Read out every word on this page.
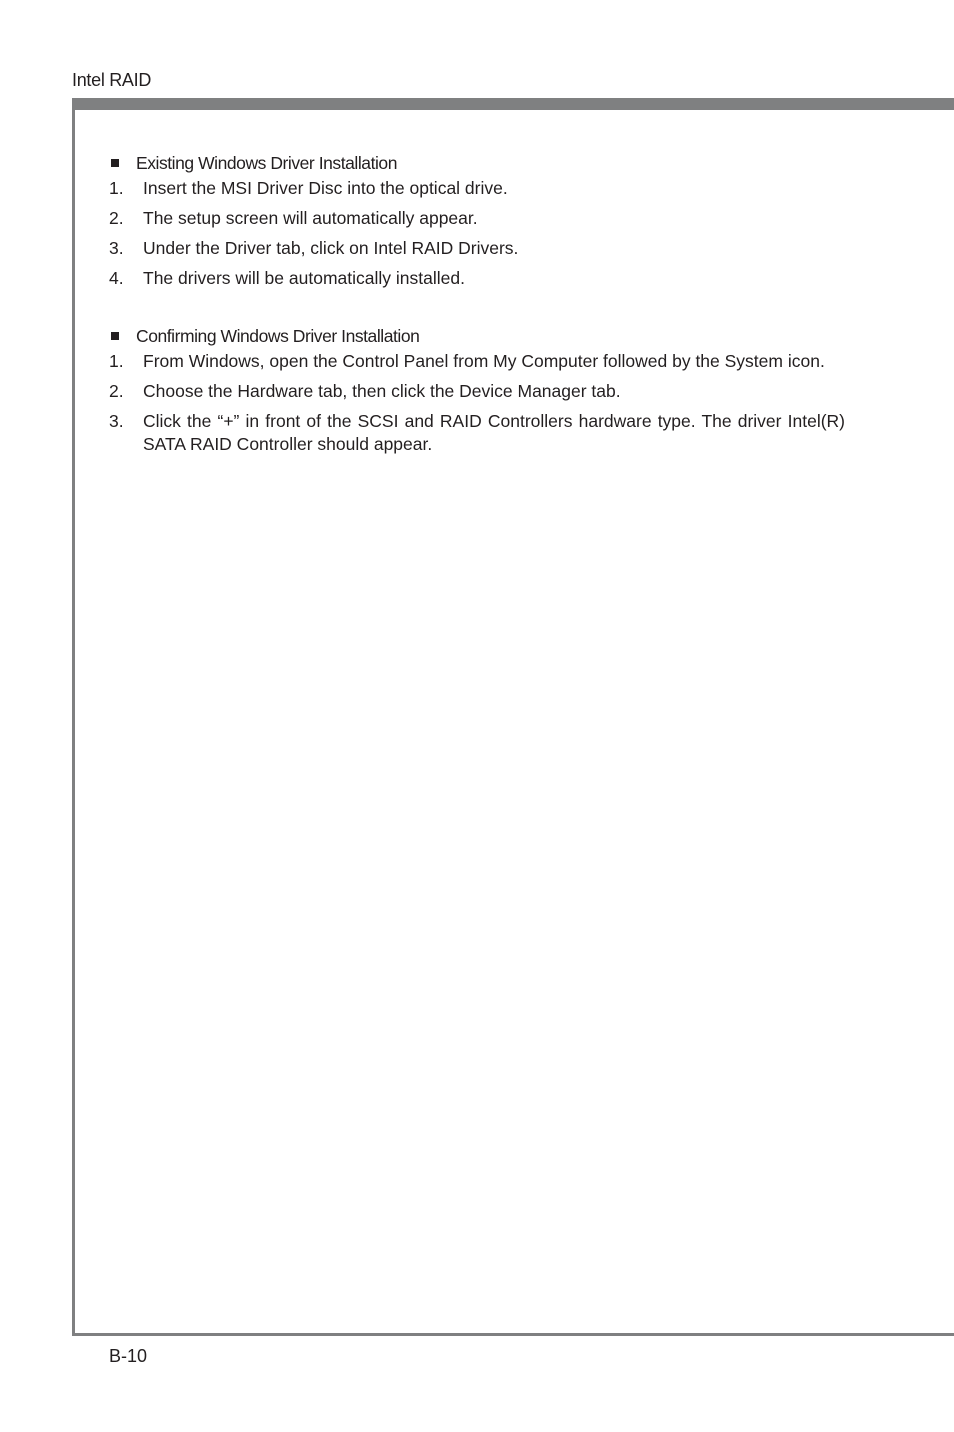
Intel RAID
Existing Windows Driver Installation
1.	Insert the MSI Driver Disc into the optical drive.
2.	The setup screen will automatically appear.
3.	Under the Driver tab, click on Intel RAID Drivers.
4.	The drivers will be automatically installed.
Confirming Windows Driver Installation
1.	From Windows, open the Control Panel from My Computer followed by the System icon.
2.	Choose the Hardware tab, then click the Device Manager tab.
3.	Click the “+” in front of the SCSI and RAID Controllers hardware type. The driver Intel(R) SATA RAID Controller should appear.
B-10
